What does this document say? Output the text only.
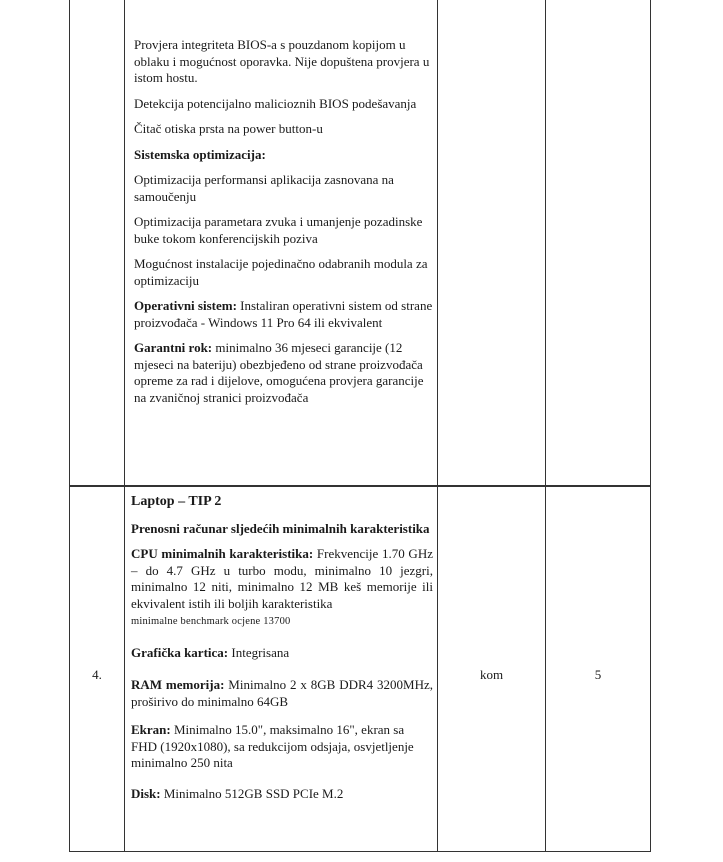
Provjera integriteta BIOS-a s pouzdanom kopijom u oblaku i mogućnost oporavka. Nije dopuštena provjera u istom hostu.

Detekcija potencijalno malicioznih BIOS podešavanja

Čitač otiska prsta na power button-u

Sistemska optimizacija:

Optimizacija performansi aplikacija zasnovana na samoučenju

Optimizacija parametara zvuka i umanjenje pozadinske buke tokom konferencijskih poziva

Mogućnost instalacije pojedinačno odabranih modula za optimizaciju

Operativni sistem: Instaliran operativni sistem od strane proizvođača - Windows 11 Pro 64 ili ekvivalent

Garantni rok: minimalno 36 mjeseci garancije (12 mjeseci na bateriju) obezbjeđeno od strane proizvođača opreme za rad i dijelove, omogućena provjera garancije na zvaničnoj stranici proizvođača

4.

Laptop – TIP 2

Prenosni računar sljedećih minimalnih karakteristika

CPU minimalnih karakteristika: Frekvencije 1.70 GHz – do 4.7 GHz u turbo modu, minimalno 10 jezgri, minimalno 12 niti, minimalno 12 MB keš memorije ili ekvivalent istih ili boljih karakteristika
minimalne benchmark ocjene 13700

Grafička kartica: Integrisana

RAM memorija: Minimalno 2 x 8GB DDR4 3200MHz, proširivo do minimalno 64GB

Ekran: Minimalno 15.0", maksimalno 16", ekran sa FHD (1920x1080), sa redukcijom odsjaja, osvjetljenje minimalno 250 nita

Disk: Minimalno 512GB SSD PCIe M.2

kom	5
